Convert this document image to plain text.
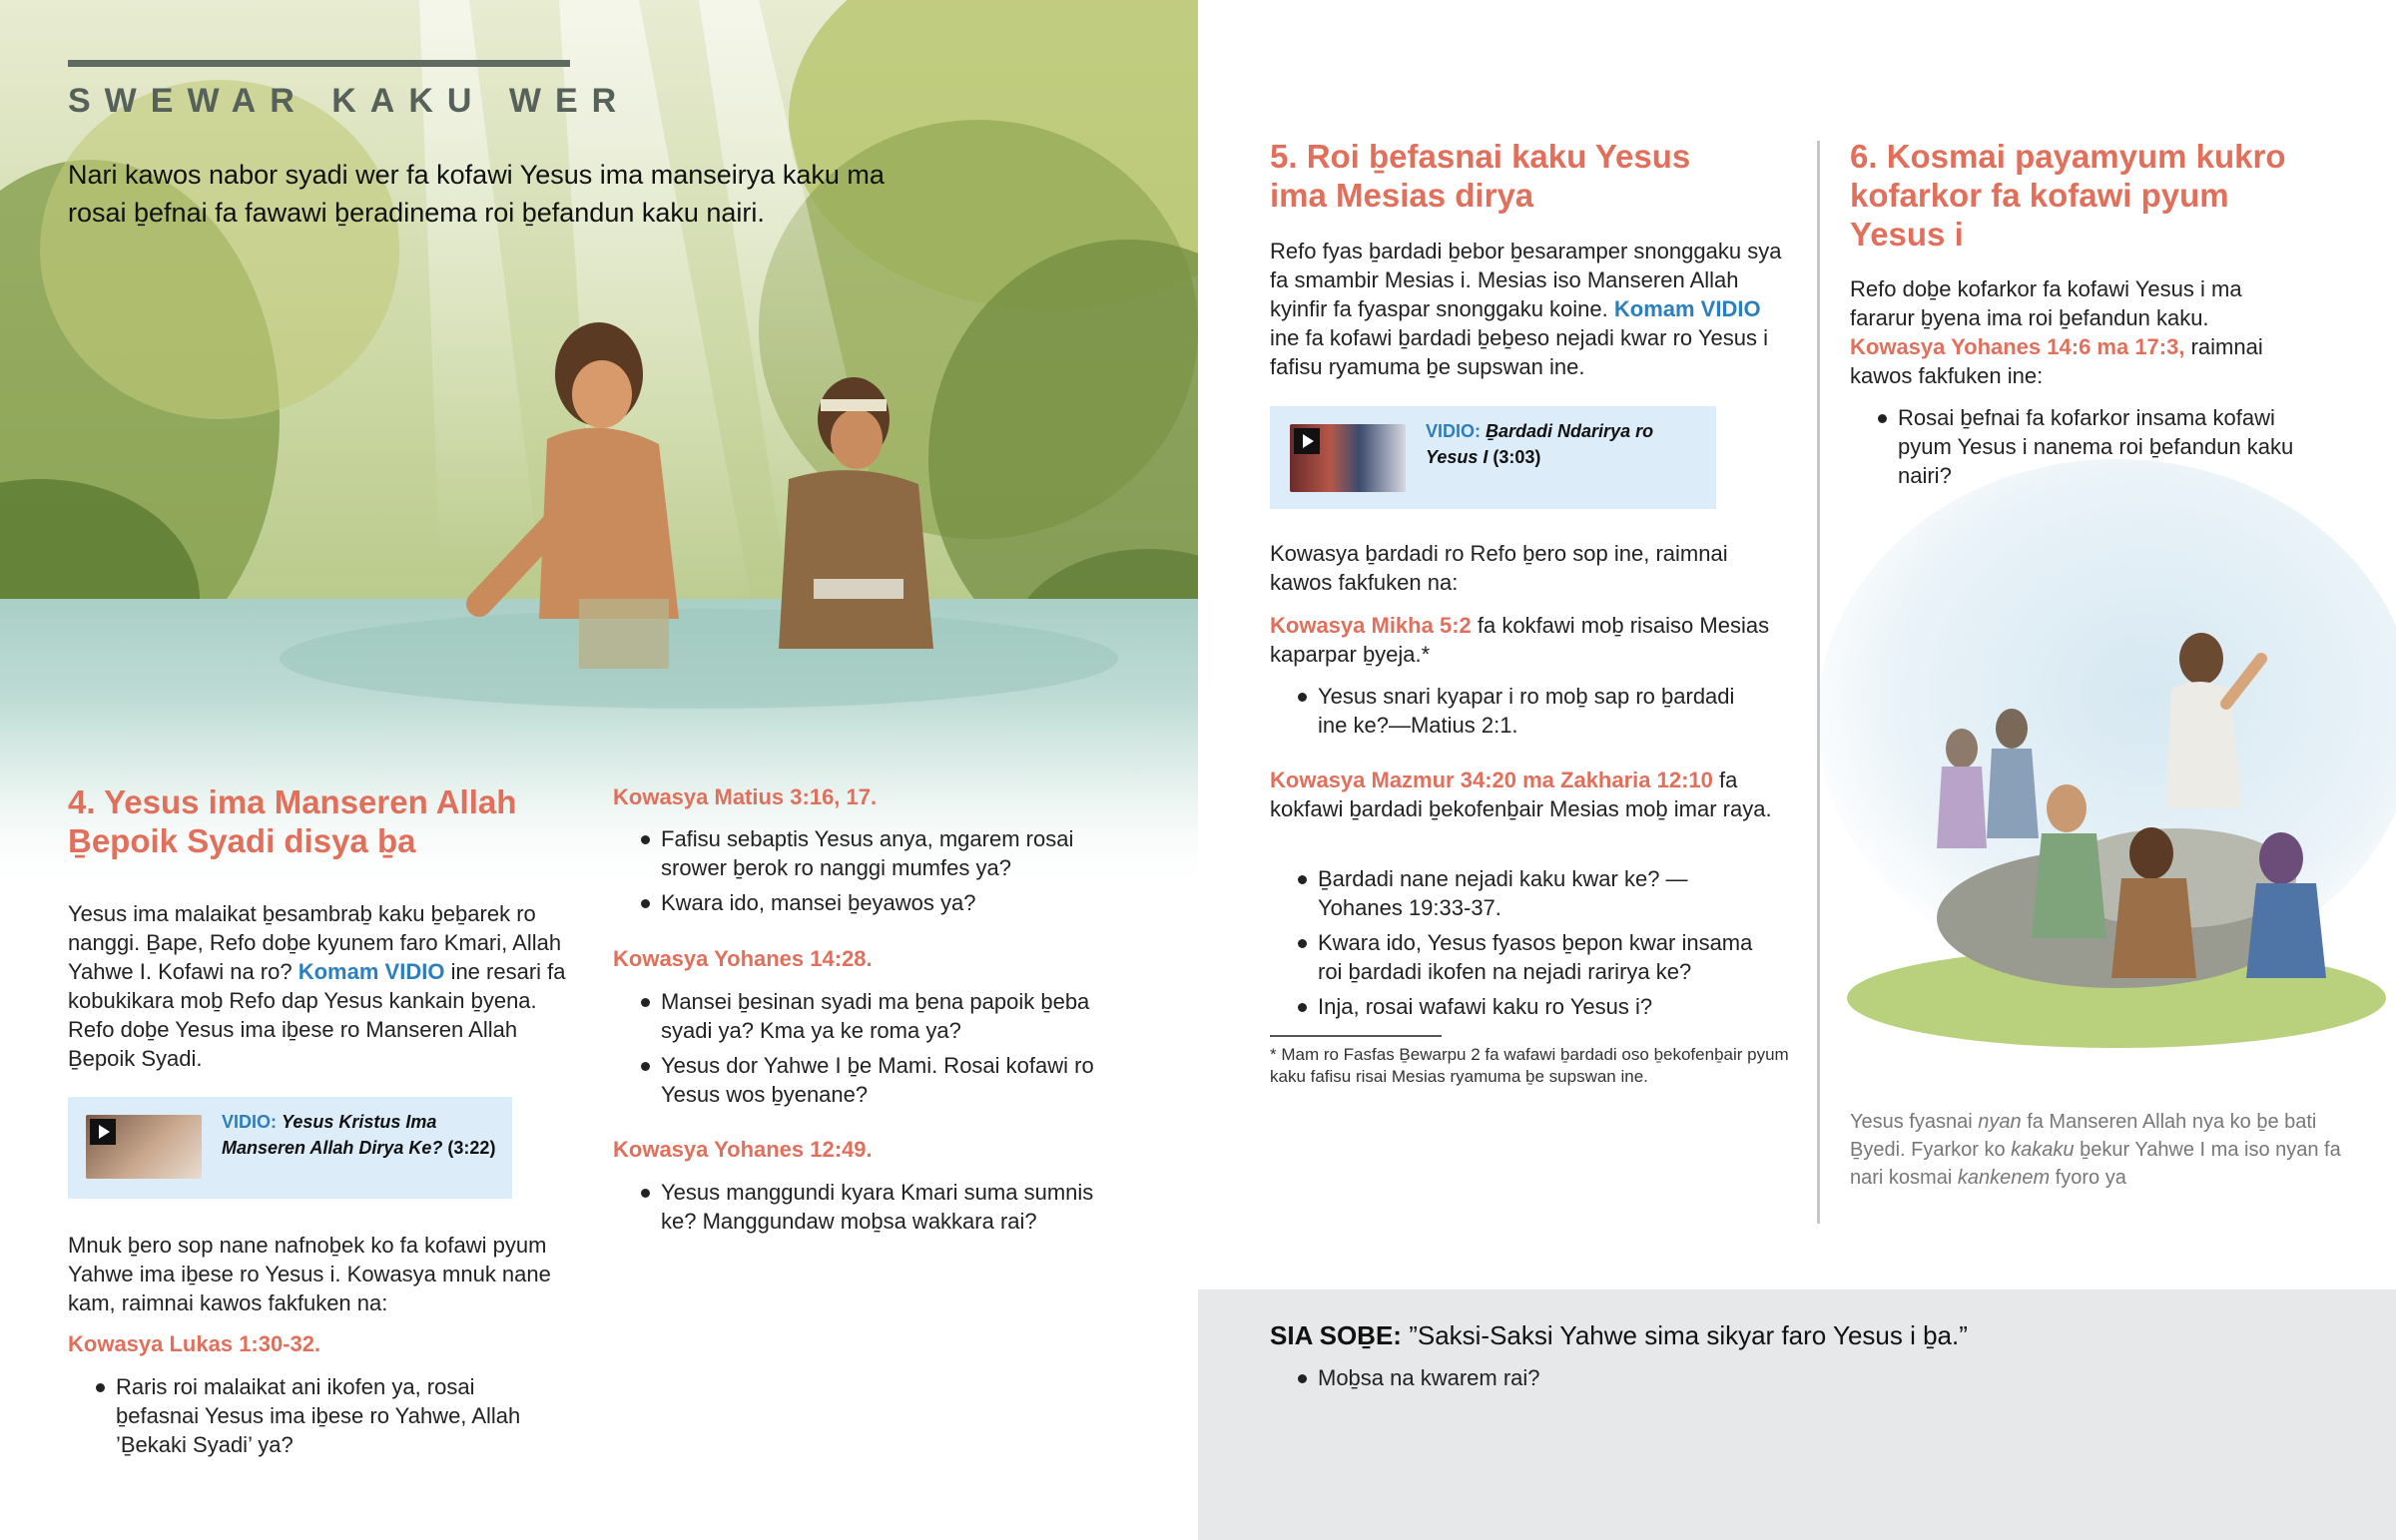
SWEWAR KAKU WER
Nari kawos nabor syadi wer fa kofawi Yesus ima manseirya kaku ma rosai ḇefnai fa fawawi ḇeradinema roi ḇefandun kaku nairi.
4. Yesus ima Manseren Allah Ḇepoik Syadi disya ḇa
Yesus ima malaikat ḇesambraḇ kaku ḇeḇarek ro nanggi. Ḇape, Refo doḇe kyunem faro Kmari, Allah Yahwe I. Kofawi na ro? Komam VIDIO ine resari fa kobukikara moḇ Refo dap Yesus kankain ḇyena. Refo doḇe Yesus ima iḇese ro Manseren Allah Ḇepoik Syadi.
VIDIO: Yesus Kristus Ima Manseren Allah Dirya Ke? (3:22)
Mnuk ḇero sop nane nafnoḇek ko fa kofawi pyum Yahwe ima iḇese ro Yesus i. Kowasya mnuk nane kam, raimnai kawos fakfuken na:
Kowasya Lukas 1:30-32.
Raris roi malaikat ani ikofen ya, rosai ḇefasnai Yesus ima iḇese ro Yahwe, Allah ’Ḇekaki Syadi’ ya?
Kowasya Matius 3:16, 17.
Fafisu sebaptis Yesus anya, mgarem rosai srower ḇerok ro nanggi mumfes ya?
Kwara ido, mansei ḇeyawos ya?
Kowasya Yohanes 14:28.
Mansei ḇesinan syadi ma ḇena papoik ḇeba syadi ya? Kma ya ke roma ya?
Yesus dor Yahwe I ḇe Mami. Rosai kofawi ro Yesus wos ḇyenane?
Kowasya Yohanes 12:49.
Yesus manggundi kyara Kmari suma sumnis ke? Manggundaw moḇsa wakkara rai?
5. Roi ḇefasnai kaku Yesus ima Mesias dirya
Refo fyas ḇardadi ḇebor ḇesaramper snonggaku sya fa smambir Mesias i. Mesias iso Manseren Allah kyinfir fa fyaspar snonggaku koine. Komam VIDIO ine fa kofawi ḇardadi ḇeḇeso nejadi kwar ro Yesus i fafisu ryamuma ḇe supswan ine.
VIDIO: Ḇardadi Ndarirya ro Yesus I (3:03)
Kowasya ḇardadi ro Refo ḇero sop ine, raimnai kawos fakfuken na:
Kowasya Mikha 5:2 fa kokfawi moḇ risaiso Mesias kaparpar ḇyeja.*
Yesus snari kyapar i ro moḇ sap ro ḇardadi ine ke?—Matius 2:1.
Kowasya Mazmur 34:20 ma Zakharia 12:10 fa kokfawi ḇardadi ḇekofenḇair Mesias moḇ imar raya.
Ḇardadi nane nejadi kaku kwar ke? —Yohanes 19:33-37.
Kwara ido, Yesus fyasos ḇepon kwar insama roi ḇardadi ikofen na nejadi rarirya ke?
Inja, rosai wafawi kaku ro Yesus i?
* Mam ro Fasfas Ḇewarpu 2 fa wafawi ḇardadi oso ḇekofenḇair pyum kaku fafisu risai Mesias ryamuma ḇe supswan ine.
6. Kosmai payamyum kukro kofarkor fa kofawi pyum Yesus i
Refo doḇe kofarkor fa kofawi Yesus i ma fararur ḇyena ima roi ḇefandun kaku.
Kowasya Yohanes 14:6 ma 17:3, raimnai kawos fakfuken ine:
Rosai ḇefnai fa kofarkor insama kofawi pyum Yesus i nanema roi ḇefandun kaku nairi?
Yesus fyasnai nyan fa Manseren Allah nya ko ḇe bati Ḇyedi. Fyarkor ko kakaku ḇekur Yahwe I ma iso nyan fa nari kosmai kankenem fyoro ya
SIA SOḆE: ”Saksi-Saksi Yahwe sima sikyar faro Yesus i ḇa.”
Moḇsa na kwarem rai?
